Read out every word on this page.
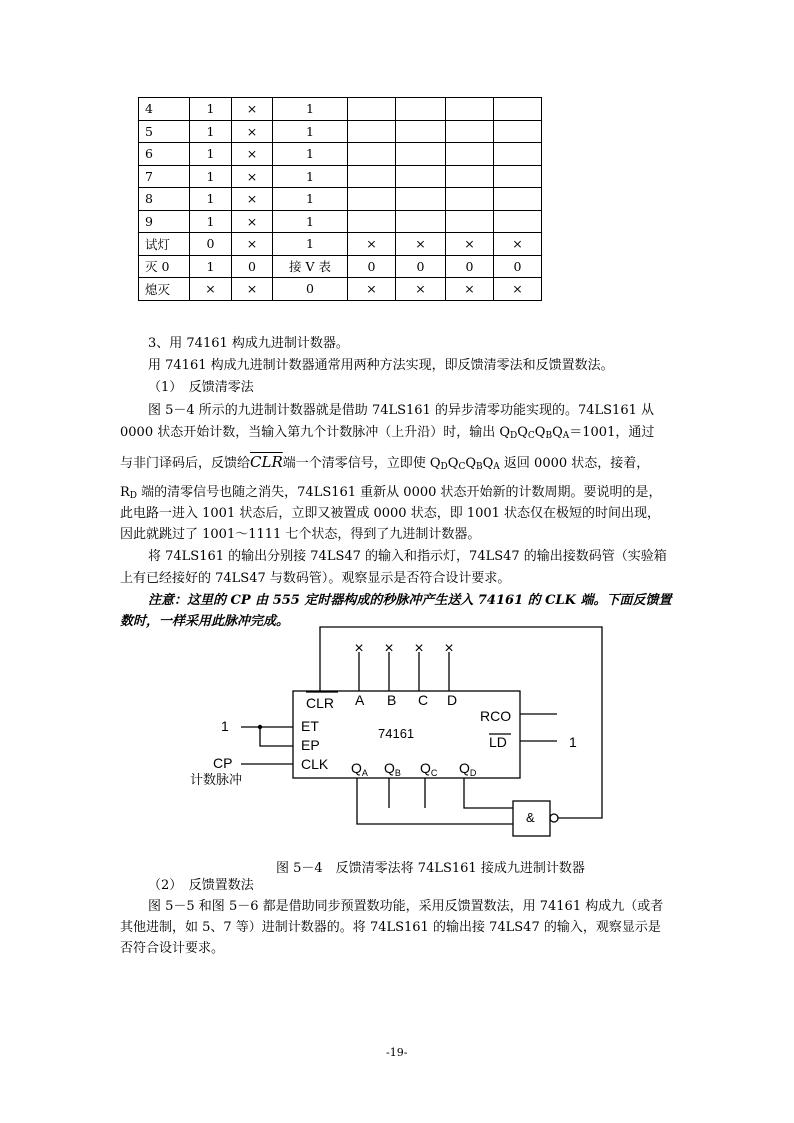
4	1	×	1				
5	1	×	1				
6	1	×	1				
7	1	×	1				
8	1	×	1				
9	1	×	1				
试灯	0	×	1	×	×	×	×
灭 0	1	0	接 V 表	0	0	0	0
熄灭	×	×	0	×	×	×	×
3、用 74161 构成九进制计数器。
用 74161 构成九进制计数器通常用两种方法实现，即反馈清零法和反馈置数法。
（1）　反馈清零法
图 5－4 所示的九进制计数器就是借助 74LS161 的异步清零功能实现的。74LS161 从
0000 状态开始计数，当输入第九个计数脉冲（上升沿）时，输出 $Q_DQ_CQ_BQ_A=1001$，通过
与非门译码后，反馈给$\overline{CLR}$端一个清零信号，立即使 $Q_DQ_CQ_BQ_A$ 返回 0000 状态，接着，
$R_D$ 端的清零信号也随之消失，74LS161 重新从 0000 状态开始新的计数周期。要说明的是，
此电路一进入 1001 状态后，立即又被置成 0000 状态，即 1001 状态仅在极短的时间出现，
因此就跳过了 1001～1111 七个状态，得到了九进制计数器。
将 74LS161 的输出分别接 74LS47 的输入和指示灯，74LS47 的输出接数码管（实验箱
上有已经接好的 74LS47 与数码管）。观察显示是否符合设计要求。
注意：这里的 CP 由 555 定时器构成的秒脉冲产生送入 74161 的 CLK 端。下面反馈置
数时，一样采用此脉冲完成。
× × × ×
CLR A B C D
ET
EP
CLK
74161
RCO
LD
1
1
CP
计数脉冲
&
$Q_A$ $Q_B$ $Q_C$ $Q_D$
图 5－4　反馈清零法将 74LS161 接成九进制计数器
（2）　反馈置数法
图 5－5 和图 5－6 都是借助同步预置数功能，采用反馈置数法，用 74161 构成九（或者
其他进制，如 5、7 等）进制计数器的。将 74LS161 的输出接 74LS47 的输入，观察显示是
否符合设计要求。
-19-
